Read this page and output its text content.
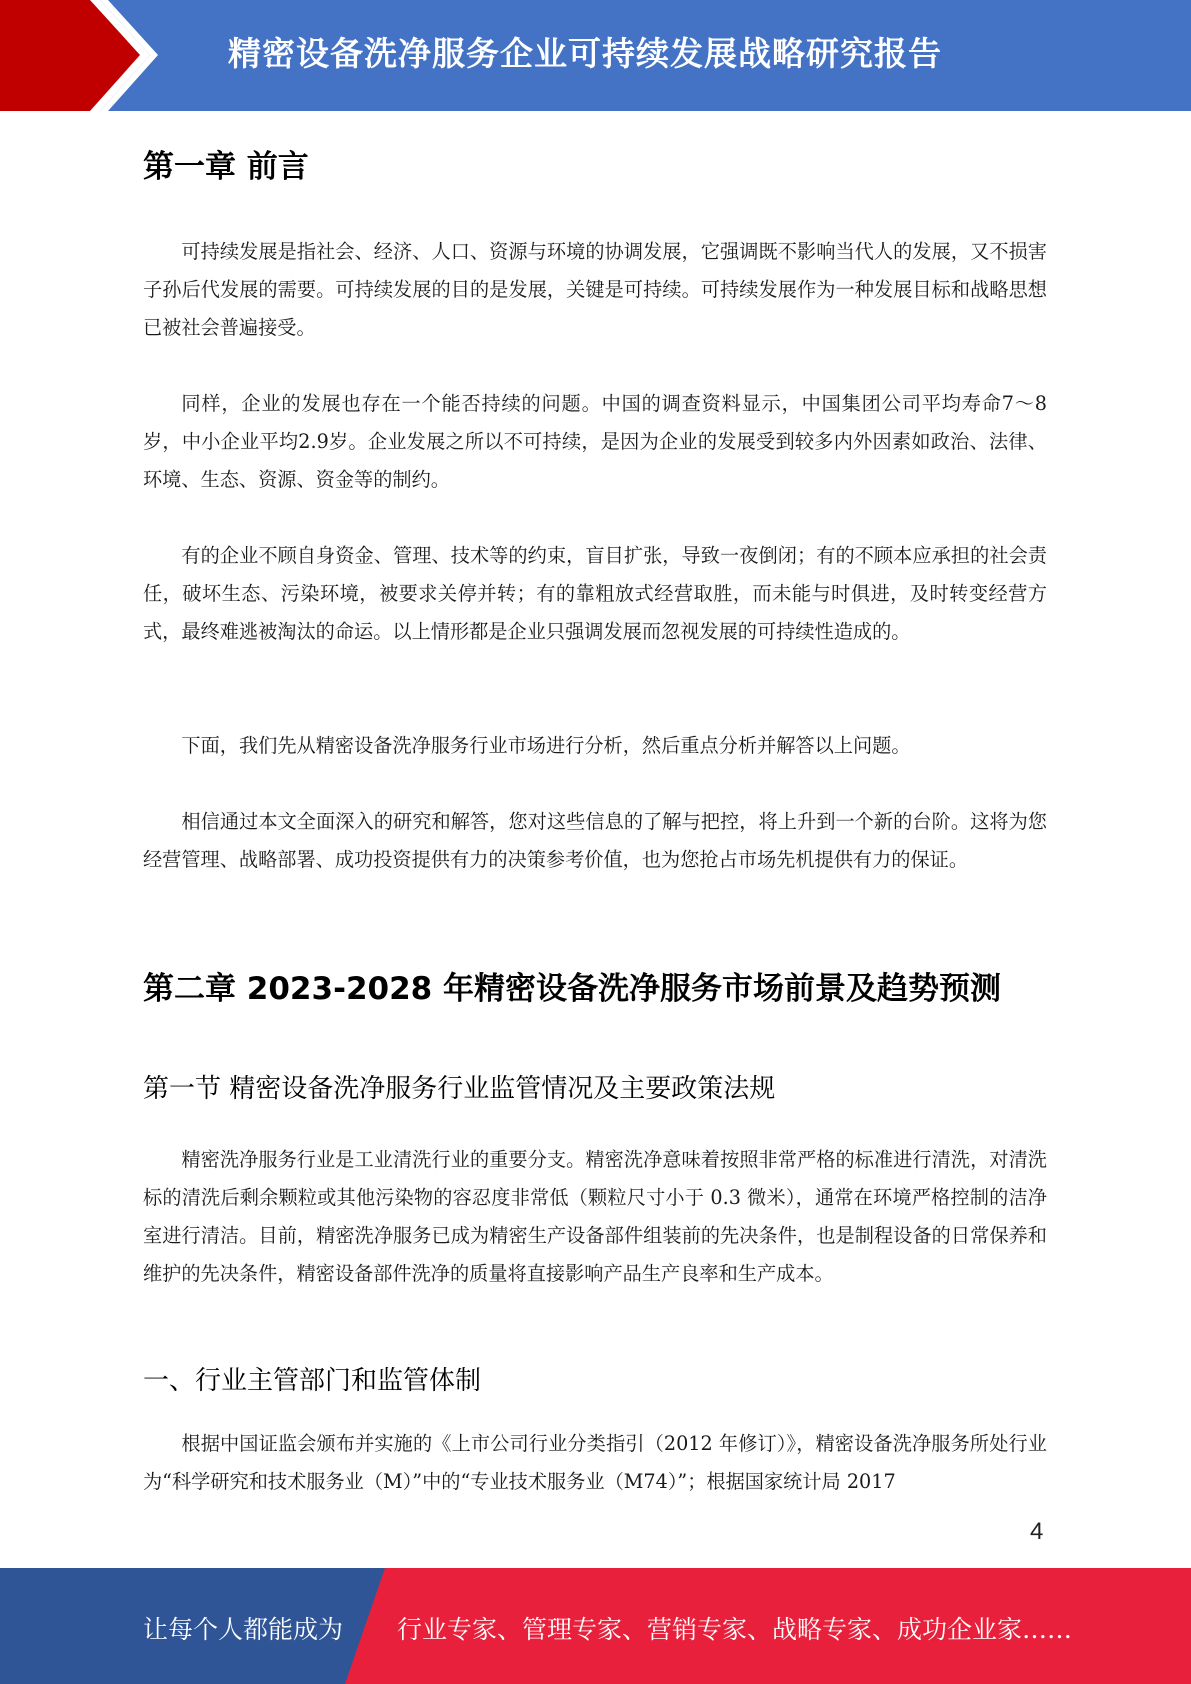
精密设备洗净服务企业可持续发展战略研究报告
第一章 前言

可持续发展是指社会、经济、人口、资源与环境的协调发展，它强调既不影响当代人的发展，又不损害子孙后代发展的需要。可持续发展的目的是发展，关键是可持续。可持续发展作为一种发展目标和战略思想已被社会普遍接受。

同样，企业的发展也存在一个能否持续的问题。中国的调查资料显示，中国集团公司平均寿命7～8岁，中小企业平均2.9岁。企业发展之所以不可持续，是因为企业的发展受到较多内外因素如政治、法律、环境、生态、资源、资金等的制约。

有的企业不顾自身资金、管理、技术等的约束，盲目扩张，导致一夜倒闭；有的不顾本应承担的社会责任，破坏生态、污染环境，被要求关停并转；有的靠粗放式经营取胜，而未能与时俱进，及时转变经营方式，最终难逃被淘汰的命运。以上情形都是企业只强调发展而忽视发展的可持续性造成的。

下面，我们先从精密设备洗净服务行业市场进行分析，然后重点分析并解答以上问题。

相信通过本文全面深入的研究和解答，您对这些信息的了解与把控，将上升到一个新的台阶。这将为您经营管理、战略部署、成功投资提供有力的决策参考价值，也为您抢占市场先机提供有力的保证。

第二章 2023-2028 年精密设备洗净服务市场前景及趋势预测
第一节 精密设备洗净服务行业监管情况及主要政策法规

精密洗净服务行业是工业清洗行业的重要分支。精密洗净意味着按照非常严格的标准进行清洗，对清洗标的清洗后剩余颗粒或其他污染物的容忍度非常低（颗粒尺寸小于 0.3 微米），通常在环境严格控制的洁净室进行清洁。目前，精密洗净服务已成为精密生产设备部件组装前的先决条件，也是制程设备的日常保养和维护的先决条件，精密设备部件洗净的质量将直接影响产品生产良率和生产成本。

一、行业主管部门和监管体制

根据中国证监会颁布并实施的《上市公司行业分类指引（2012 年修订）》，精密设备洗净服务所处行业为“科学研究和技术服务业（M）”中的“专业技术服务业（M74）”；根据国家统计局 2017

4
让每个人都能成为 行业专家、管理专家、营销专家、战略专家、成功企业家……
